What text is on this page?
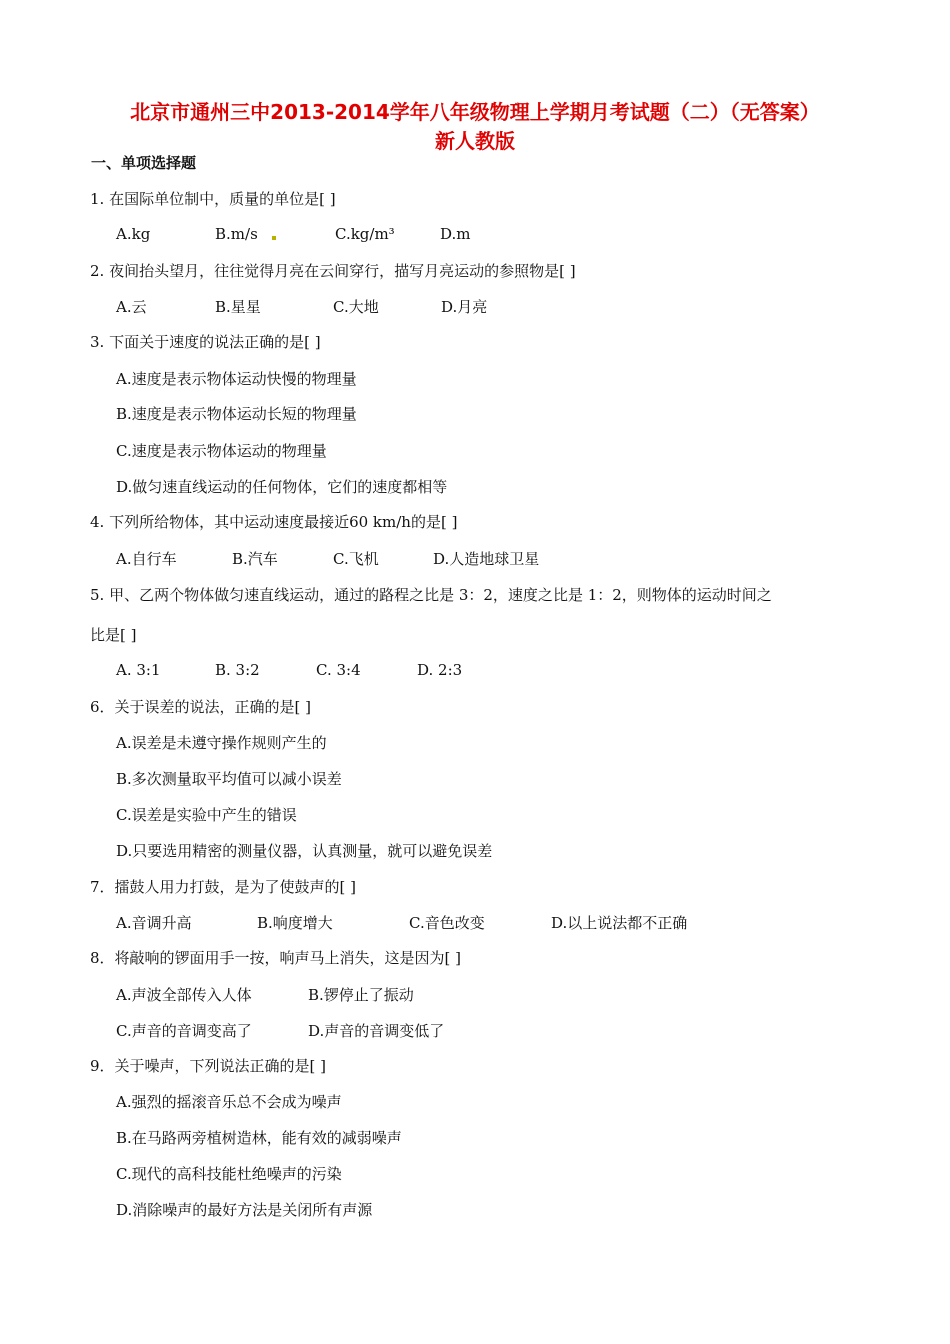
北京市通州三中2013-2014学年八年级物理上学期月考试题（二）（无答案）
新人教版
一、单项选择题
1. 在国际单位制中，质量的单位是[ ]
A.kg	B.m/s	C.kg/m³	D.m
2. 夜间抬头望月，往往觉得月亮在云间穿行，描写月亮运动的参照物是[ ]
A.云	B.星星	C.大地	D.月亮
3. 下面关于速度的说法正确的是[ ]
A.速度是表示物体运动快慢的物理量
B.速度是表示物体运动长短的物理量
C.速度是表示物体运动的物理量
D.做匀速直线运动的任何物体，它们的速度都相等
4. 下列所给物体，其中运动速度最接近60 km/h的是[ ]
A.自行车	B.汽车	C.飞机	D.人造地球卫星
5. 甲、乙两个物体做匀速直线运动，通过的路程之比是 3：2，速度之比是 1：2，则物体的运动时间之
比是[ ]
A. 3:1	B. 3:2	C. 3:4	D. 2:3
6．关于误差的说法，正确的是[ ]
A.误差是未遵守操作规则产生的
B.多次测量取平均值可以减小误差
C.误差是实验中产生的错误
D.只要选用精密的测量仪器，认真测量，就可以避免误差
7．擂鼓人用力打鼓，是为了使鼓声的[ ]
A.音调升高	B.响度增大	C.音色改变	D.以上说法都不正确
8．将敲响的锣面用手一按，响声马上消失，这是因为[ ]
A.声波全部传入人体	B.锣停止了振动
C.声音的音调变高了	D.声音的音调变低了
9．关于噪声，下列说法正确的是[ ]
A.强烈的摇滚音乐总不会成为噪声
B.在马路两旁植树造林，能有效的减弱噪声
C.现代的高科技能杜绝噪声的污染
D.消除噪声的最好方法是关闭所有声源
